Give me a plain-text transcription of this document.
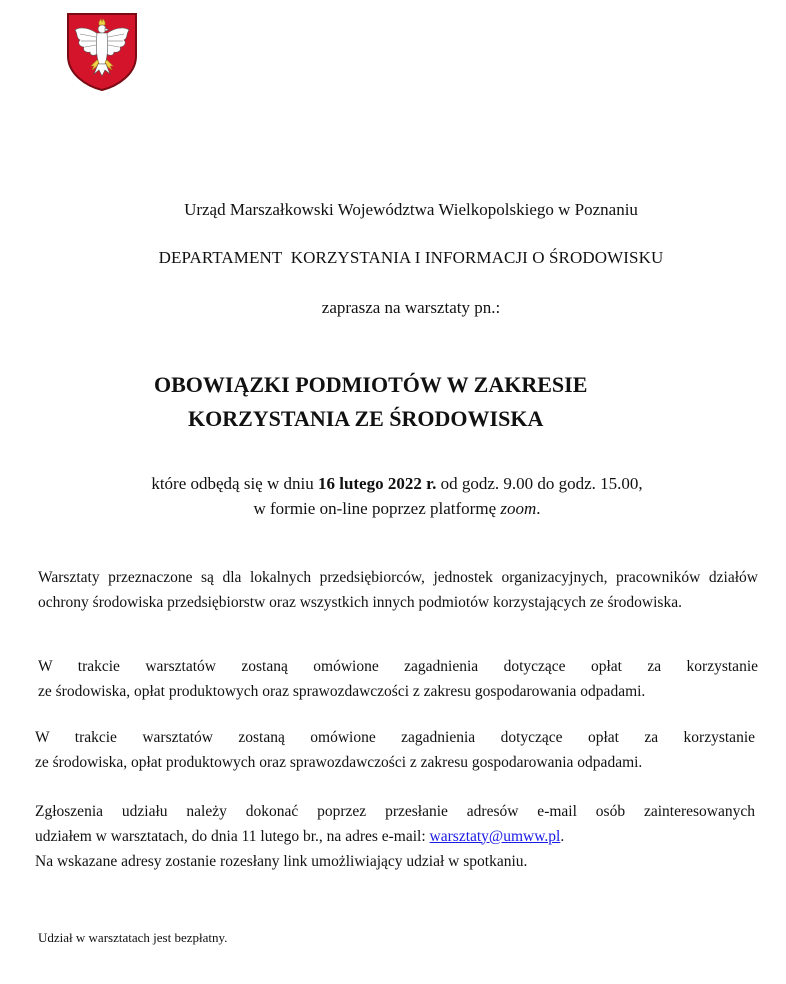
Urząd Marszałkowski Województwa Wielkopolskiego w Poznaniu
DEPARTAMENT  KORZYSTANIA I INFORMACJI O ŚRODOWISKU
zaprasza na warsztaty pn.:
OBOWIĄZKI PODMIOTÓW W ZAKRESIE
KORZYSTANIA ZE ŚRODOWISKA
które odbędą się w dniu 16 lutego 2022 r. od godz. 9.00 do godz. 15.00,
w formie on-line poprzez platformę zoom.
Warsztaty przeznaczone są dla lokalnych przedsiębiorców, jednostek organizacyjnych, pracowników działów ochrony środowiska przedsiębiorstw oraz wszystkich innych podmiotów korzystających ze środowiska.
W trakcie warsztatów zostaną omówione zagadnienia dotyczące opłat za korzystanie
ze środowiska, opłat produktowych oraz sprawozdawczości z zakresu gospodarowania odpadami.
W trakcie warsztatów zostaną omówione zagadnienia dotyczące opłat za korzystanie
ze środowiska, opłat produktowych oraz sprawozdawczości z zakresu gospodarowania odpadami.
Zgłoszenia udziału należy dokonać poprzez przesłanie adresów e-mail osób zainteresowanych
udziałem w warsztatach, do dnia 11 lutego br., na adres e-mail: warsztaty@umww.pl.
Na wskazane adresy zostanie rozesłany link umożliwiający udział w spotkaniu.
Udział w warsztatach jest bezpłatny.
